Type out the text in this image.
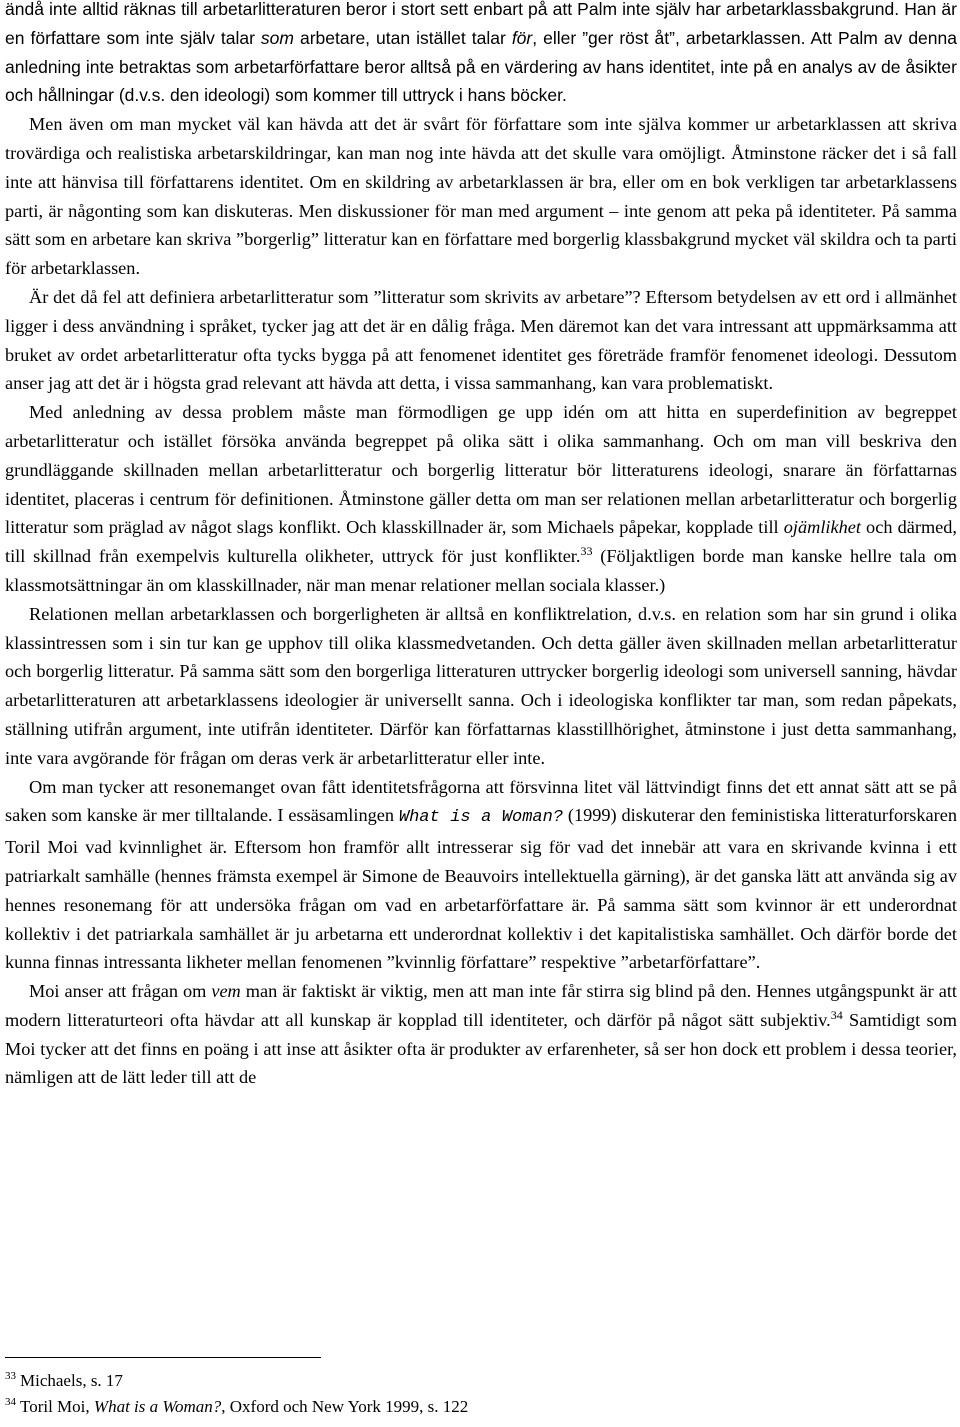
ändå inte alltid räknas till arbetarlitteraturen beror i stort sett enbart på att Palm inte själv har arbetarklassbakgrund. Han är en författare som inte själv talar som arbetare, utan istället talar för, eller ”ger röst åt”, arbetarklassen. Att Palm av denna anledning inte betraktas som arbetarförfattare beror alltså på en värdering av hans identitet, inte på en analys av de åsikter och hållningar (d.v.s. den ideologi) som kommer till uttryck i hans böcker.

Men även om man mycket väl kan hävda att det är svårt för författare som inte själva kommer ur arbetarklassen att skriva trovärdiga och realistiska arbetarskildringar, kan man nog inte hävda att det skulle vara omöjligt. Åtminstone räcker det i så fall inte att hänvisa till författarens identitet. Om en skildring av arbetarklassen är bra, eller om en bok verkligen tar arbetarklassens parti, är någonting som kan diskuteras. Men diskussioner för man med argument – inte genom att peka på identiteter. På samma sätt som en arbetare kan skriva ”borgerlig” litteratur kan en författare med borgerlig klassbakgrund mycket väl skildra och ta parti för arbetarklassen.

Är det då fel att definiera arbetarlitteratur som ”litteratur som skrivits av arbetare”? Eftersom betydelsen av ett ord i allmänhet ligger i dess användning i språket, tycker jag att det är en dålig fråga. Men däremot kan det vara intressant att uppmärksamma att bruket av ordet arbetarlitteratur ofta tycks bygga på att fenomenet identitet ges företräde framför fenomenet ideologi. Dessutom anser jag att det är i högsta grad relevant att hävda att detta, i vissa sammanhang, kan vara problematiskt.

Med anledning av dessa problem måste man förmodligen ge upp idén om att hitta en superdefinition av begreppet arbetarlitteratur och istället försöka använda begreppet på olika sätt i olika sammanhang. Och om man vill beskriva den grundläggande skillnaden mellan arbetarlitteratur och borgerlig litteratur bör litteraturens ideologi, snarare än författarnas identitet, placeras i centrum för definitionen. Åtminstone gäller detta om man ser relationen mellan arbetarlitteratur och borgerlig litteratur som präglad av något slags konflikt. Och klasskillnader är, som Michaels påpekar, kopplade till ojämlikhet och därmed, till skillnad från exempelvis kulturella olikheter, uttryck för just konflikter.$^{33}$ (Följaktligen borde man kanske hellre tala om klassmotsättningar än om klasskillnader, när man menar relationer mellan sociala klasser.)

Relationen mellan arbetarklassen och borgerligheten är alltså en konfliktrelation, d.v.s. en relation som har sin grund i olika klassintressen som i sin tur kan ge upphov till olika klassmedvetanden. Och detta gäller även skillnaden mellan arbetarlitteratur och borgerlig litteratur. På samma sätt som den borgerliga litteraturen uttrycker borgerlig ideologi som universell sanning, hävdar arbetarlitteraturen att arbetarklassens ideologier är universellt sanna. Och i ideologiska konflikter tar man, som redan påpekats, ställning utifrån argument, inte utifrån identiteter. Därför kan författarnas klasstillhörighet, åtminstone i just detta sammanhang, inte vara avgörande för frågan om deras verk är arbetarlitteratur eller inte.

Om man tycker att resonemanget ovan fått identitetsfrågorna att försvinna litet väl lättvindigt finns det ett annat sätt att se på saken som kanske är mer tilltalande. I essäsamlingen What is a Woman? (1999) diskuterar den feministiska litteraturforskaren Toril Moi vad kvinnlighet är. Eftersom hon framför allt intresserar sig för vad det innebär att vara en skrivande kvinna i ett patriarkalt samhälle (hennes främsta exempel är Simone de Beauvoirs intellektuella gärning), är det ganska lätt att använda sig av hennes resonemang för att undersöka frågan om vad en arbetarförfattare är. På samma sätt som kvinnor är ett underordnat kollektiv i det patriarkala samhället är ju arbetarna ett underordnat kollektiv i det kapitalistiska samhället. Och därför borde det kunna finnas intressanta likheter mellan fenomenen ”kvinnlig författare” respektive ”arbetarförfattare”.

Moi anser att frågan om vem man är faktiskt är viktig, men att man inte får stirra sig blind på den. Hennes utgångspunkt är att modern litteraturteori ofta hävdar att all kunskap är kopplad till identiteter, och därför på något sätt subjektiv.$^{34}$ Samtidigt som Moi tycker att det finns en poäng i att inse att åsikter ofta är produkter av erfarenheter, så ser hon dock ett problem i dessa teorier, nämligen att de lätt leder till att de

$^{33}$ Michaels, s. 17
$^{34}$ Toril Moi, What is a Woman?, Oxford och New York 1999, s. 122
